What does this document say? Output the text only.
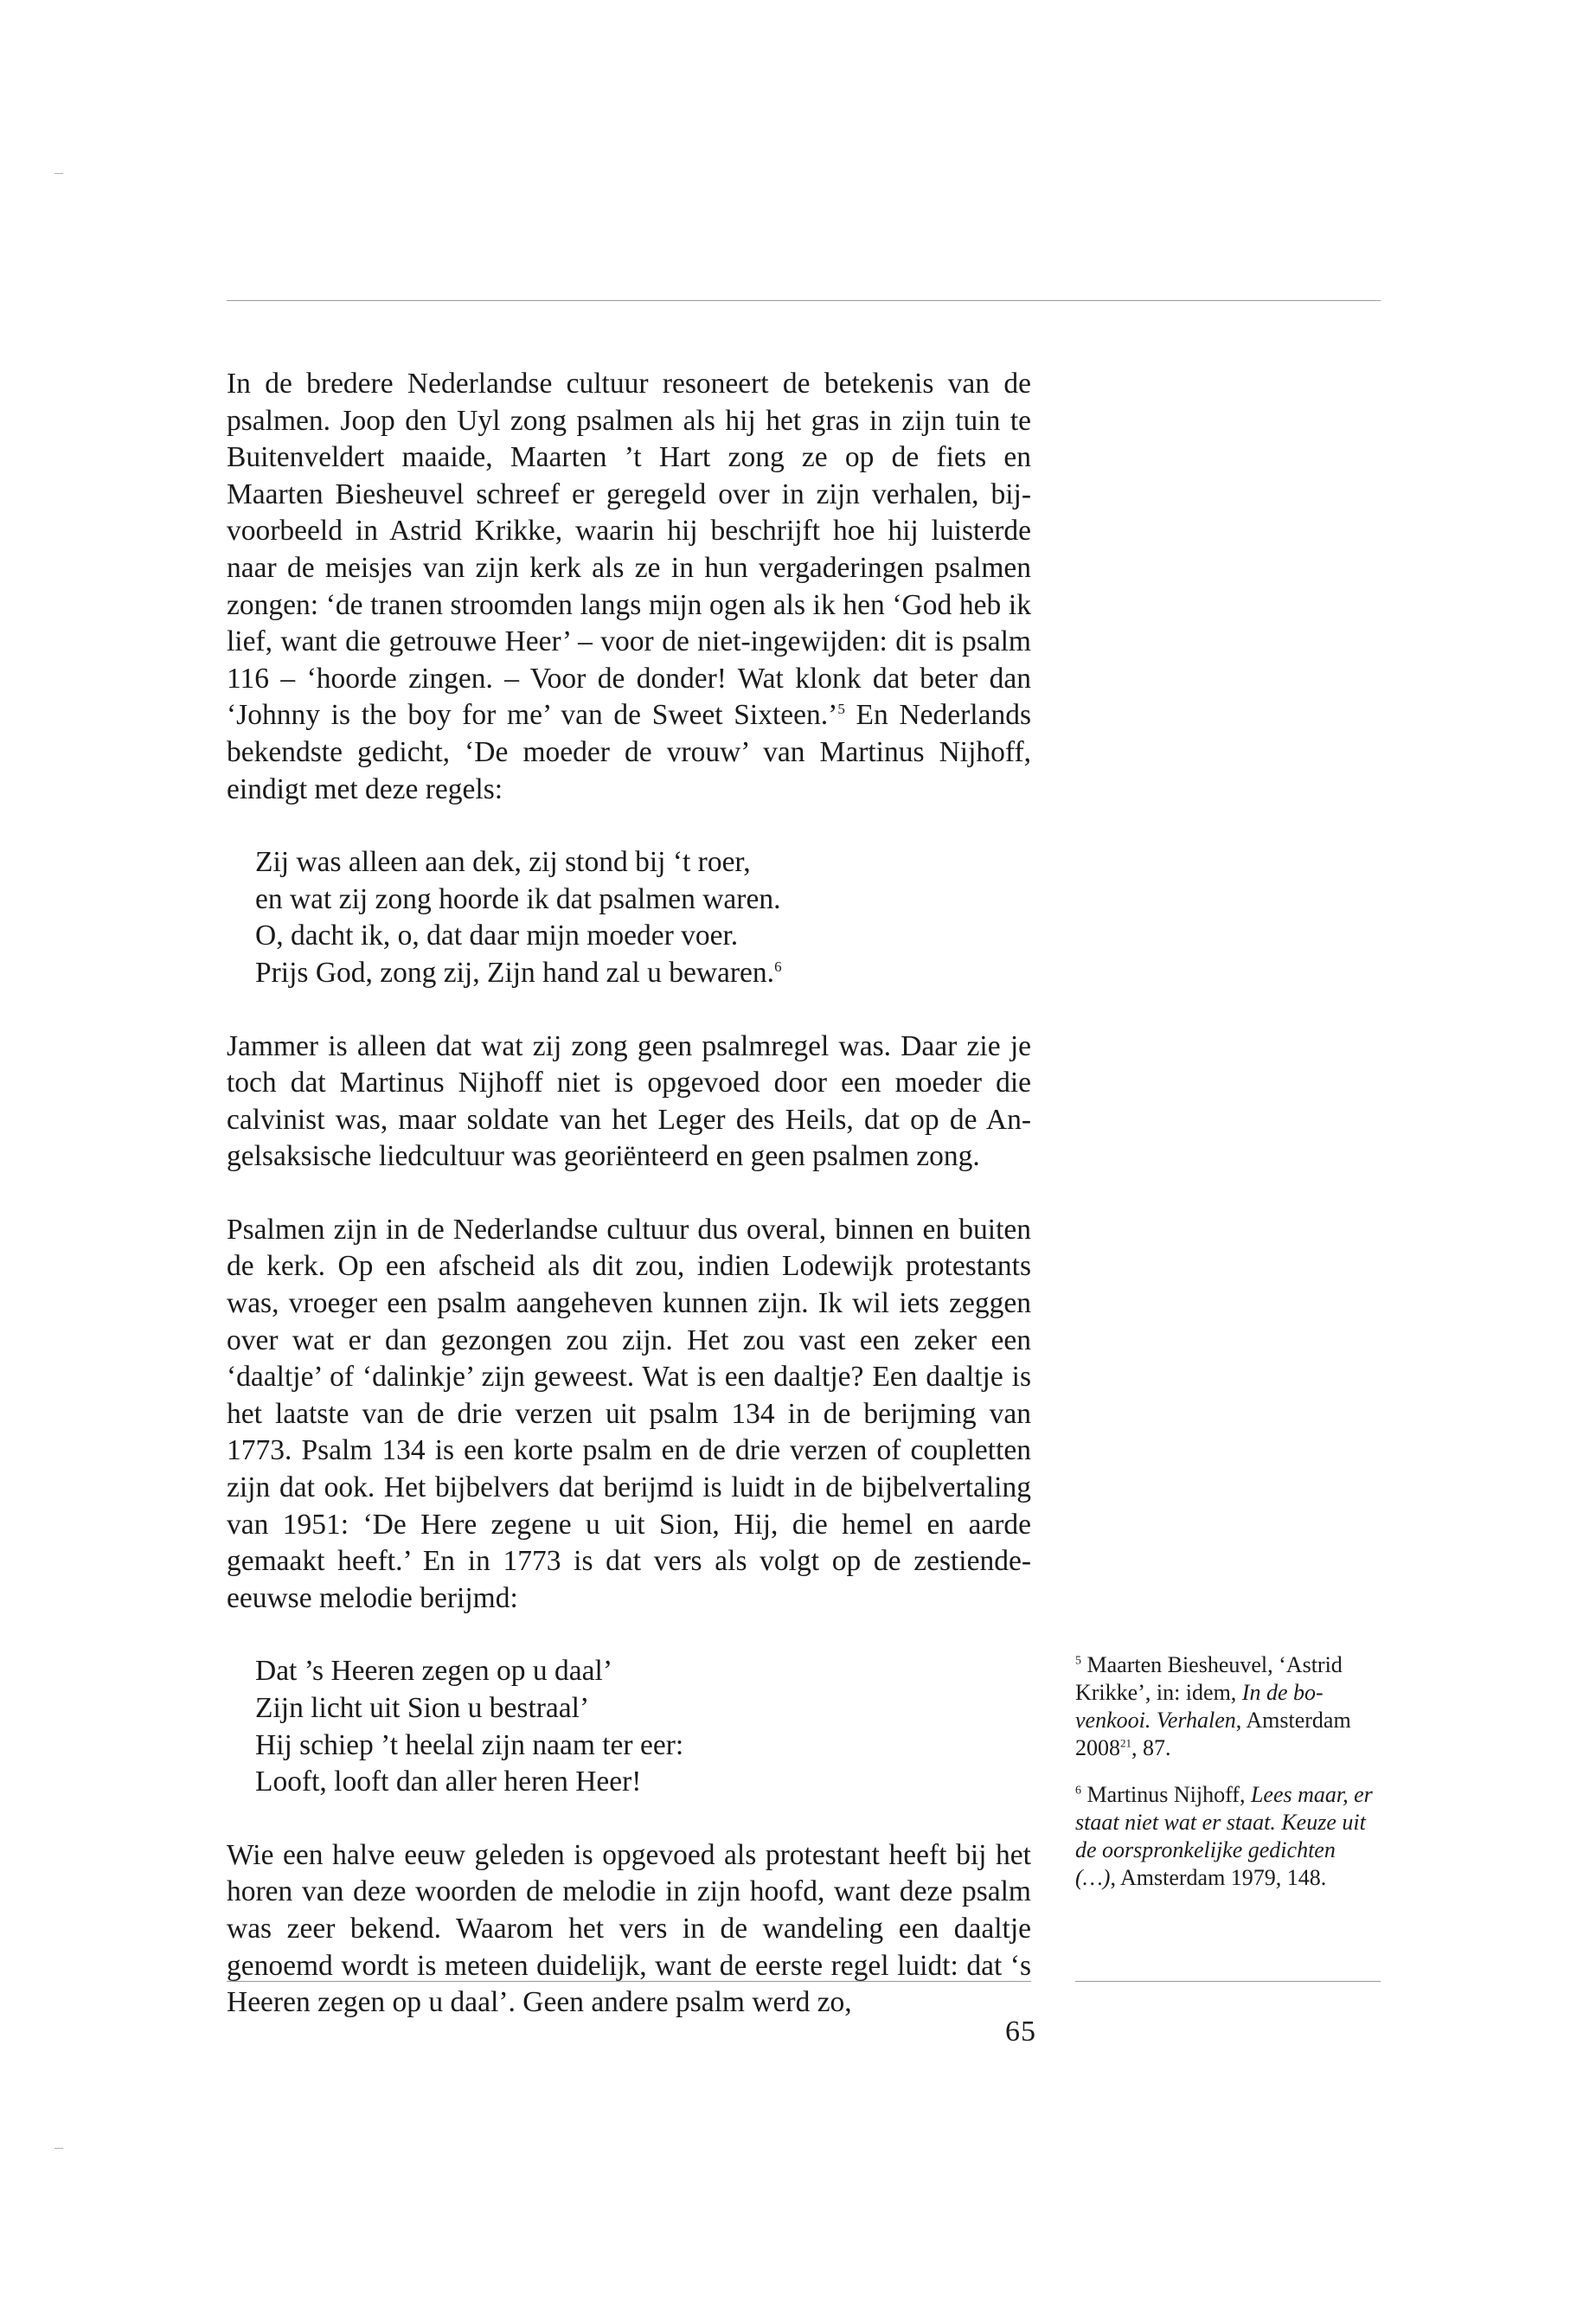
In de bredere Nederlandse cultuur resoneert de betekenis van de psalmen. Joop den Uyl zong psalmen als hij het gras in zijn tuin te Buitenveldert maaide, Maarten ’t Hart zong ze op de fiets en Maarten Biesheuvel schreef er geregeld over in zijn verhalen, bijvoorbeeld in Astrid Krikke, waarin hij beschrijft hoe hij luisterde naar de meisjes van zijn kerk als ze in hun vergaderingen psalmen zongen: ‘de tranen stroomden langs mijn ogen als ik hen ‘God heb ik lief, want die getrouwe Heer’ – voor de niet-ingewijden: dit is psalm 116 – ‘hoorde zingen. – Voor de donder! Wat klonk dat beter dan ‘Johnny is the boy for me’ van de Sweet Sixteen.’$^5$ En Nederlands bekendste gedicht, ‘De moeder de vrouw’ van Martinus Nijhoff, eindigt met deze regels:

Zij was alleen aan dek, zij stond bij ‘t roer,
en wat zij zong hoorde ik dat psalmen waren.
O, dacht ik, o, dat daar mijn moeder voer.
Prijs God, zong zij, Zijn hand zal u bewaren.$^6$

Jammer is alleen dat wat zij zong geen psalmregel was. Daar zie je toch dat Martinus Nijhoff niet is opgevoed door een moeder die calvinist was, maar soldate van het Leger des Heils, dat op de Angelsaksische liedcultuur was georiënteerd en geen psalmen zong.

Psalmen zijn in de Nederlandse cultuur dus overal, binnen en buiten de kerk. Op een afscheid als dit zou, indien Lodewijk protestants was, vroeger een psalm aangeheven kunnen zijn. Ik wil iets zeggen over wat er dan gezongen zou zijn. Het zou vast een zeker een ‘daaltje’ of ‘dalinkje’ zijn geweest. Wat is een daaltje? Een daaltje is het laatste van de drie verzen uit psalm 134 in de berijming van 1773. Psalm 134 is een korte psalm en de drie verzen of coupletten zijn dat ook. Het bijbelvers dat berijmd is luidt in de bijbelvertaling van 1951: ‘De Here zegene u uit Sion, Hij, die hemel en aarde gemaakt heeft.’ En in 1773 is dat vers als volgt op de zestiende-eeuwse melodie berijmd:

Dat ’s Heeren zegen op u daal’
Zijn licht uit Sion u bestraal’
Hij schiep ’t heelal zijn naam ter eer:
Looft, looft dan aller heren Heer!

Wie een halve eeuw geleden is opgevoed als protestant heeft bij het horen van deze woorden de melodie in zijn hoofd, want deze psalm was zeer bekend. Waarom het vers in de wandeling een daaltje genoemd wordt is meteen duidelijk, want de eerste regel luidt: dat ‘s Heeren zegen op u daal’. Geen andere psalm werd zo,

$^5$ Maarten Biesheuvel, ‘Astrid Krikke’, in: idem, In de bovenkooi. Verhalen, Amsterdam 2008$^{21}$, 87.

$^6$ Martinus Nijhoff, Lees maar, er staat niet wat er staat. Keuze uit de oorspronkelijke gedichten (…), Amsterdam 1979, 148.

65
